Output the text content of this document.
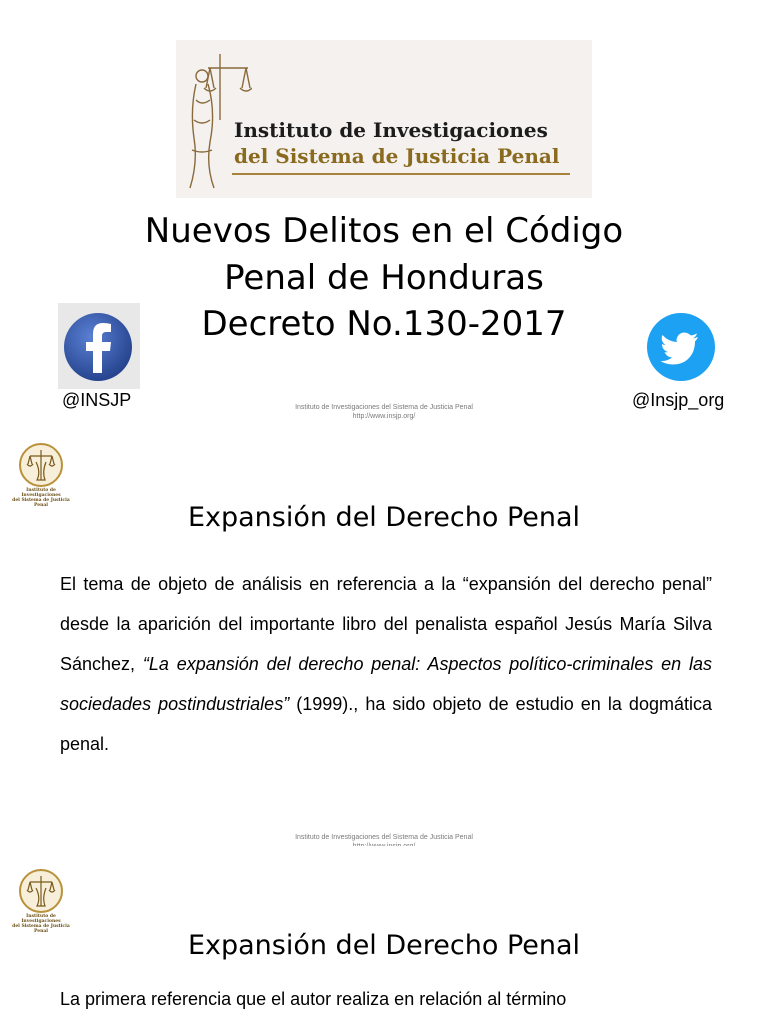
Instituto de Investigaciones
del Sistema de Justicia Penal
Nuevos Delitos en el Código
Penal de Honduras
Decreto No.130-2017
@INSJP	@Insjp_org
Instituto de Investigaciones del Sistema de Justicia Penal
http://www.insjp.org/
Instituto de Investigaciones
del Sistema de Justicia Penal	Expansión del Derecho Penal
El tema de objeto de análisis en referencia a la “expansión del derecho penal” desde la aparición del importante libro del penalista español Jesús María Silva Sánchez, “La expansión del derecho penal: Aspectos político-criminales en las sociedades postindustriales” (1999)., ha sido objeto de estudio en la dogmática penal.
Instituto de Investigaciones del Sistema de Justicia Penal
Instituto de Investigaciones
del Sistema de Justicia Penal	Expansión del Derecho Penal
La primera referencia que el autor realiza en relación al término
